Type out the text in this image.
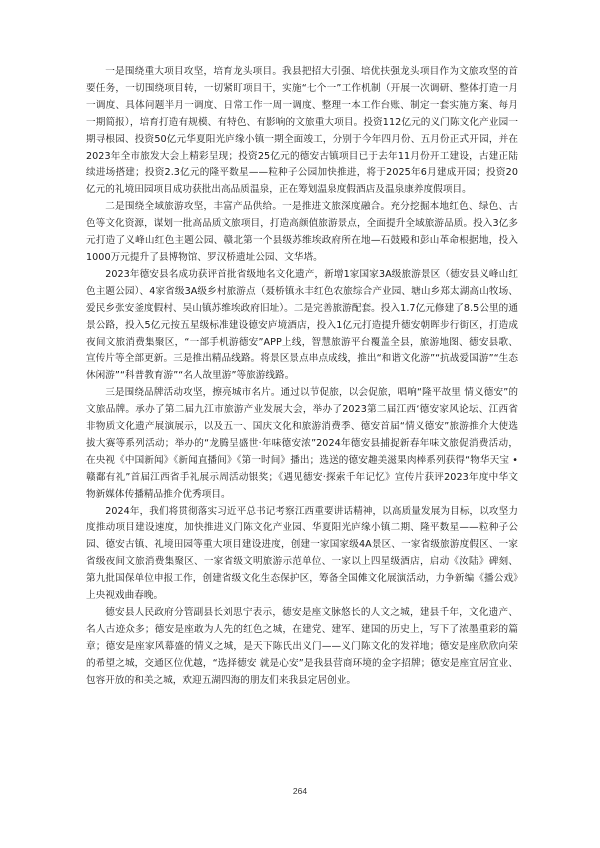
一是围绕重大项目攻坚，培育龙头项目。我县把招大引强、培优扶强龙头项目作为文旅攻坚的首要任务，一切围绕项目转，一切紧盯项目干，实施“七个一”工作机制（开展一次调研、整体打造一月一调度、具体问题半月一调度、日常工作一周一调度、整理一本工作台账、制定一套实施方案、每月一期简报），培育打造有规模、有特色、有影响的文旅重大项目。投资112亿元的义门陈文化产业园一期寻根园、投资50亿元华夏阳光庐缘小镇一期全面竣工，分别于今年四月份、五月份正式开园，并在2023年全市旅发大会上精彩呈现；投资25亿元的德安古镇项目已于去年11月份开工建设，古建正陆续进场搭建；投资2.3亿元的隆平数星——粒种子公园加快推进，将于2025年6月建成开园；投资20亿元的礼境田园项目成功获批出高品质温泉，正在筹划温泉度假酒店及温泉康养度假项目。

二是围绕全域旅游攻坚，丰富产品供给。一是推进文旅深度融合。充分挖掘本地红色、绿色、古色等文化资源，谋划一批高品质文旅项目，打造高颜值旅游景点，全面提升全域旅游品质。投入3亿多元打造了义峰山红色主题公园、赣北第一个县级苏维埃政府所在地—石鼓殿和彭山革命根据地，投入1000万元提升了县博物馆、罗汉桥遗址公园、文华塔。

2023年德安县名成功获评首批省级地名文化遗产，新增1家国家3A级旅游景区（德安县义峰山红色主题公园）、4家省级3A级乡村旅游点（聂桥镇永丰红色农旅综合产业园、塘山乡郑太湖高山牧场、爱民乡张安釜度假村、吴山镇苏维埃政府旧址）。二是完善旅游配套。投入1.7亿元修建了8.5公里的通景公路，投入5亿元按五星级标准建设德安庐境酒店，投入1亿元打造提升德安朝晖步行街区，打造成夜间文旅消费集聚区，“一部手机游德安”APP上线，智慧旅游平台覆盖全县，旅游地图、德安县歌、宣传片等全部更新。三是推出精品线路。将景区景点串点成线，推出“和谐文化游”“抗战爱国游”“生态休闲游”“科普教育游”“名人故里游”等旅游线路。

三是围绕品牌活动攻坚，擦亮城市名片。通过以节促旅，以会促旅，唱响“隆平故里 情义德安”的文旅品牌。承办了第二届九江市旅游产业发展大会，举办了2023第二届江西‘德安家风论坛、江西省非物质文化遗产展演展示，以及五一、国庆文化和旅游消费季、德安首届“情义德安”旅游推介大使选拔大赛等系列活动；举办的“龙腾呈盛世·年味德安浓”2024年德安县捕捉新春年味文旅促消费活动，在央视《中国新闻》《新闻直播间》《第一时间》播出；选送的德安趣美滋果肉棒系列获得“物华天宝 •赣鄱有礼”首届江西省手礼展示周活动银奖；《遇见德安·探索千年记忆》宣传片获评2023年度中华文物新媒体传播精品推介优秀项目。

2024年，我们将贯彻落实习近平总书记考察江西重要讲话精神，以高质量发展为目标，以攻坚力度推动项目建设速度，加快推进义门陈文化产业园、华夏阳光庐缘小镇二期、隆平数星——粒种子公园、德安古镇、礼境田园等重大项目建设进度，创建一家国家级4A景区、一家省级旅游度假区、一家省级夜间文旅消费集聚区、一家省级文明旅游示范单位、一家以上四星级酒店，启动《汝陆》碑刻、第九批国保单位申报工作，创建省级文化生态保护区，筹备全国傩文化展演活动，力争新编《播公戏》上央视戏曲春晚。

德安县人民政府分管副县长刘思宁表示，德安是座文脉悠长的人文之城，建县千年，文化遗产、名人古迹众多；德安是座敢为人先的红色之城，在建党、建军、建国的历史上，写下了浓墨重彩的篇章；德安是座家风幕盛的情义之城，是天下陈氏出义门——义门陈文化的发祥地；德安是座欣欣向荣的希望之城，交通区位优越，“选择德安 就是心安”是我县营商环境的金字招牌；德安是座宜居宜业、包容开放的和美之城，欢迎五湖四海的朋友们来我县定居创业。

264
